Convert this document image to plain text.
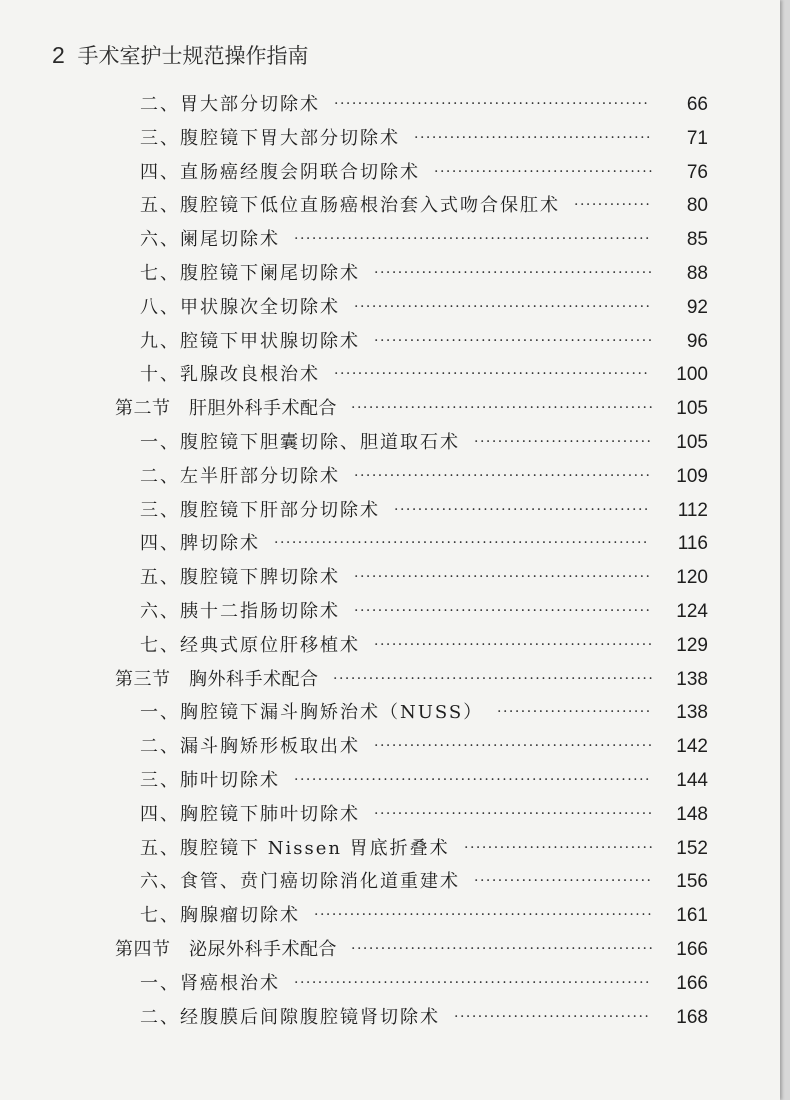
2 手术室护士规范操作指南
二、胃大部分切除术 ·····················································	66
三、腹腔镜下胃大部分切除术 ········································	71
四、直肠癌经腹会阴联合切除术 ·····································	76
五、腹腔镜下低位直肠癌根治套入式吻合保肛术 ·············	80
六、阑尾切除术 ····························································	85
七、腹腔镜下阑尾切除术 ···············································	88
八、甲状腺次全切除术 ··················································	92
九、腔镜下甲状腺切除术 ···············································	96
十、乳腺改良根治术 ·····················································	100
第二节　肝胆外科手术配合 ···················································	105
一、腹腔镜下胆囊切除、胆道取石术 ······························	105
二、左半肝部分切除术 ··················································	109
三、腹腔镜下肝部分切除术 ···········································	112
四、脾切除术 ·······························································	116
五、腹腔镜下脾切除术 ··················································	120
六、胰十二指肠切除术 ··················································	124
七、经典式原位肝移植术 ···············································	129
第三节　胸外科手术配合 ······················································	138
一、胸腔镜下漏斗胸矫治术（NUSS） ··························	138
二、漏斗胸矫形板取出术 ···············································	142
三、肺叶切除术 ····························································	144
四、胸腔镜下肺叶切除术 ···············································	148
五、腹腔镜下 Nissen 胃底折叠术 ································	152
六、食管、贲门癌切除消化道重建术 ······························	156
七、胸腺瘤切除术 ·························································	161
第四节　泌尿外科手术配合 ···················································	166
一、肾癌根治术 ····························································	166
二、经腹膜后间隙腹腔镜肾切除术 ·································	168
